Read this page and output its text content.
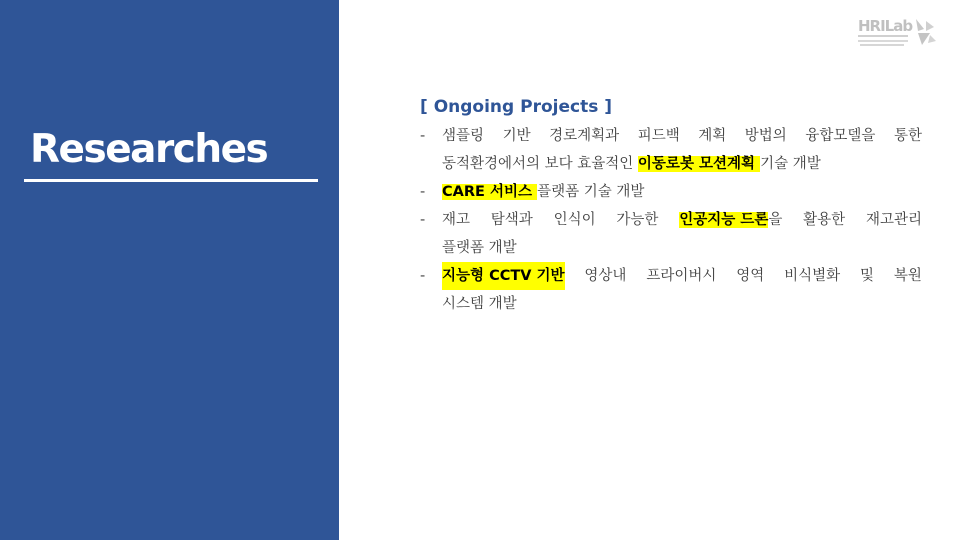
Researches
HRILab
[ Ongoing Projects ]
- 샘플링 기반 경로계획과 피드백 계획 방법의 융합모델을 통한
동적환경에서의 보다 효율적인 이동로봇 모션계획 기술 개발
- CARE 서비스 플랫폼 기술 개발
- 재고 탐색과 인식이 가능한 인공지능 드론을 활용한 재고관리
플랫폼 개발
- 지능형 CCTV 기반 영상내 프라이버시 영역 비식별화 및 복원
시스템 개발
